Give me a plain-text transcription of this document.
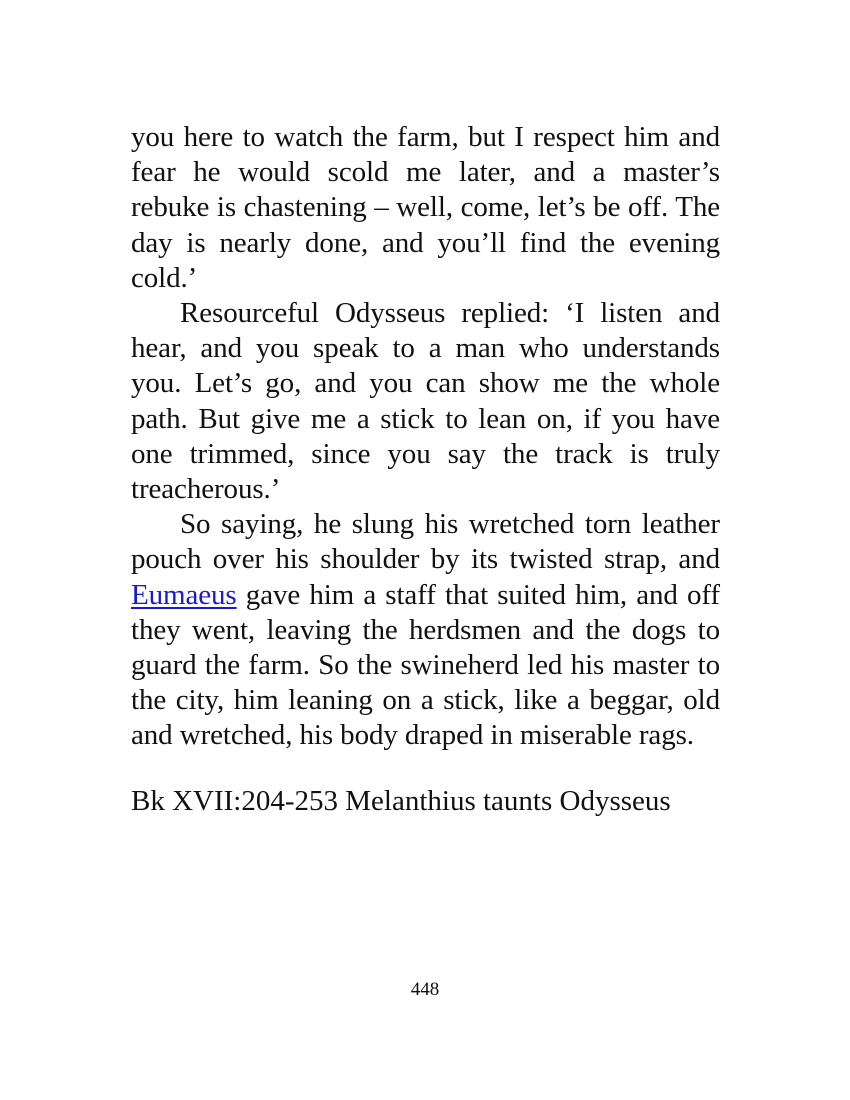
you here to watch the farm, but I respect him and fear he would scold me later, and a master’s rebuke is chastening – well, come, let’s be off. The day is nearly done, and you’ll find the evening cold.’

Resourceful Odysseus replied: ‘I listen and hear, and you speak to a man who understands you. Let’s go, and you can show me the whole path. But give me a stick to lean on, if you have one trimmed, since you say the track is truly treacherous.’

So saying, he slung his wretched torn leather pouch over his shoulder by its twisted strap, and Eumaeus gave him a staff that suited him, and off they went, leaving the herdsmen and the dogs to guard the farm. So the swineherd led his master to the city, him leaning on a stick, like a beggar, old and wretched, his body draped in miserable rags.

Bk XVII:204-253 Melanthius taunts Odysseus

448
